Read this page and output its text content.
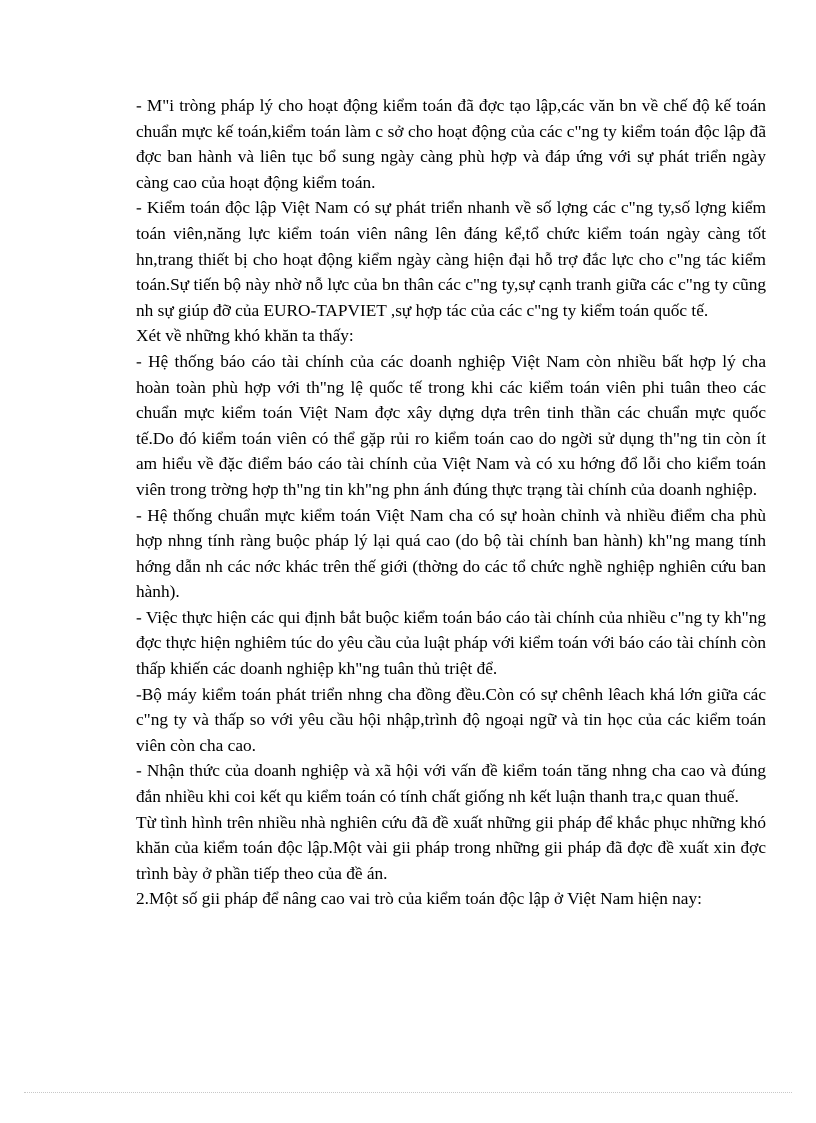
- M"i tròng pháp lý cho hoạt động kiểm toán đã đợc tạo lập,các văn bn về chế độ kế toán chuẩn mực kế toán,kiểm toán làm c sở cho hoạt động của các c"ng ty kiểm toán độc lập đã đợc ban hành và liên tục bổ sung ngày càng phù hợp và đáp ứng với sự phát triển ngày càng cao của hoạt động kiểm toán.

- Kiểm toán độc lập Việt Nam có sự phát triển nhanh về số lợng các c"ng ty,số lợng kiểm toán viên,năng lực kiểm toán viên nâng lên đáng kể,tổ chức kiểm toán ngày càng tốt hn,trang thiết bị cho hoạt động kiểm ngày càng hiện đại hỗ trợ đắc lực cho c"ng tác kiểm toán.Sự tiến bộ này nhờ nỗ lực của bn thân các c"ng ty,sự cạnh tranh giữa các c"ng ty cũng nh sự giúp đỡ của EURO-TAPVIET ,sự hợp tác của các c"ng ty kiểm toán quốc tế.

Xét về những khó khăn ta thấy:

- Hệ thống báo cáo tài chính của các doanh nghiệp Việt Nam còn nhiều bất hợp lý cha hoàn toàn phù hợp với th"ng lệ quốc tế trong khi các kiểm toán viên phi tuân theo các chuẩn mực kiểm toán Việt Nam đợc xây dựng dựa trên tinh thần các chuẩn mực quốc tế.Do đó kiểm toán viên có thể gặp rủi ro kiểm toán cao do ngời sử dụng th"ng tin còn ít am hiểu về đặc điểm báo cáo tài chính của Việt Nam và có xu hớng đổ lỗi cho kiểm toán viên trong trờng hợp th"ng tin kh"ng phn ánh đúng thực trạng tài chính của doanh nghiệp.

- Hệ thống chuẩn mực kiểm toán Việt Nam cha có sự hoàn chỉnh và nhiều điểm cha phù hợp nhng tính ràng buộc pháp lý lại quá cao (do bộ tài chính ban hành) kh"ng mang tính hớng dẫn nh các nớc khác trên thế giới (thờng do các tổ chức nghề nghiệp nghiên cứu ban hành).

- Việc thực hiện các qui định bắt buộc kiểm toán báo cáo tài chính của nhiều c"ng ty kh"ng đợc thực hiện nghiêm túc do yêu cầu của luật pháp với kiểm toán với báo cáo tài chính còn thấp khiến các doanh nghiệp kh"ng tuân thủ triệt để.

-Bộ máy kiểm toán phát triển nhng cha đồng đều.Còn có sự chênh lêach khá lớn giữa các c"ng ty và thấp so với yêu cầu hội nhập,trình độ ngoại ngữ và tin học của các kiểm toán viên còn cha cao.

- Nhận thức của doanh nghiệp và xã hội với vấn đề kiểm toán tăng nhng cha cao và đúng đắn nhiều khi coi kết qu kiểm toán có tính chất giống nh kết luận thanh tra,c quan thuế.

Từ tình hình trên nhiều nhà nghiên cứu đã đề xuất những gii pháp để khắc phục những khó khăn của kiểm toán độc lập.Một vài gii pháp trong những gii pháp đã đợc đề xuất xin đợc trình bày ở phần tiếp theo của đề án.

2.Một số gii pháp để nâng cao vai trò của kiểm toán độc lập ở Việt Nam hiện nay:
